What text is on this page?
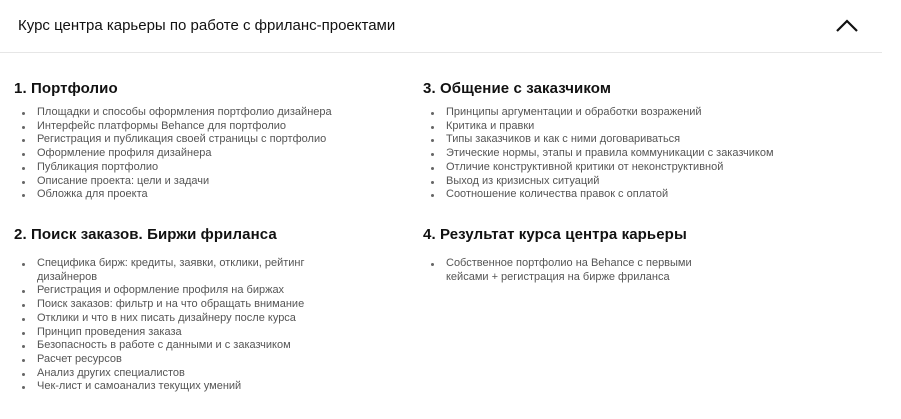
Курс центра карьеры по работе с фриланс-проектами
1. Портфолио
Площадки и способы оформления портфолио дизайнера
Интерфейс платформы Behance для портфолио
Регистрация и публикация своей страницы с портфолио
Оформление профиля дизайнера
Публикация портфолио
Описание проекта: цели и задачи
Обложка для проекта
2. Поиск заказов. Биржи фриланса
Специфика бирж: кредиты, заявки, отклики, рейтинг дизайнеров
Регистрация и оформление профиля на биржах
Поиск заказов: фильтр и на что обращать внимание
Отклики и что в них писать дизайнеру после курса
Принцип проведения заказа
Безопасность в работе с данными и с заказчиком
Расчет ресурсов
Анализ других специалистов
Чек-лист и самоанализ текущих умений
3. Общение с заказчиком
Принципы аргументации и обработки возражений
Критика и правки
Типы заказчиков и как с ними договариваться
Этические нормы, этапы и правила коммуникации с заказчиком
Отличие конструктивной критики от неконструктивной
Выход из кризисных ситуаций
Соотношение количества правок с оплатой
4. Результат курса центра карьеры
Собственное портфолио на Behance с первыми кейсами + регистрация на бирже фриланса
